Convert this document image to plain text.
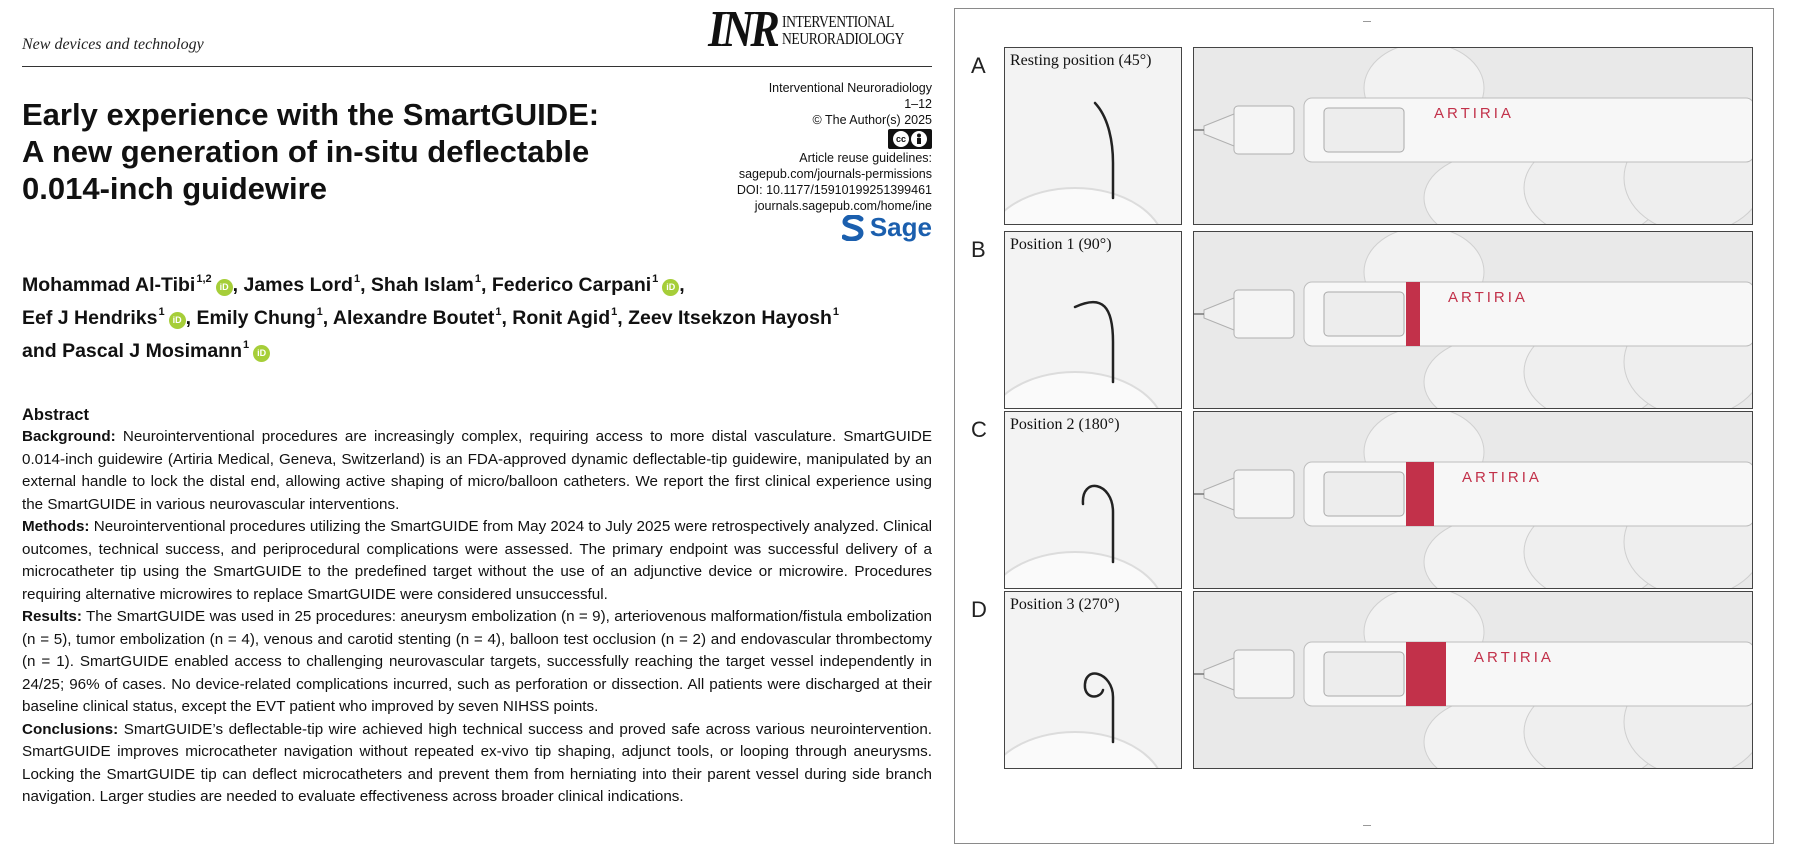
New devices and technology	INR INTERVENTIONAL
NEURORADIOLOGY
Early experience with the SmartGUIDE:
A new generation of in-situ deflectable
0.014-inch guidewire
Interventional Neuroradiology
1–12
© The Author(s) 2025
cc
Article reuse guidelines:
sagepub.com/journals-permissions
DOI: 10.1177/15910199251399461
journals.sagepub.com/home/ine
Sage
Mohammad Al-Tibi$^{1,2}$iD , James Lord$^1$, Shah Islam$^1$, Federico Carpani$^1$iD ,
Eef J Hendriks$^1$iD , Emily Chung$^1$, Alexandre Boutet$^1$, Ronit Agid$^1$, Zeev Itsekzon Hayosh$^1$
and Pascal J Mosimann$^1$iD
Abstract

Background: Neurointerventional procedures are increasingly complex, requiring access to more distal vasculature. SmartGUIDE 0.014-inch guidewire (Artiria Medical, Geneva, Switzerland) is an FDA-approved dynamic deflectable-tip guidewire, manipulated by an external handle to lock the distal end, allowing active shaping of micro/balloon catheters. We report the first clinical experience using the SmartGUIDE in various neurovascular interventions.

Methods: Neurointerventional procedures utilizing the SmartGUIDE from May 2024 to July 2025 were retrospectively analyzed. Clinical outcomes, technical success, and periprocedural complications were assessed. The primary endpoint was successful delivery of a microcatheter tip using the SmartGUIDE to the predefined target without the use of an adjunctive device or microwire. Procedures requiring alternative microwires to replace SmartGUIDE were considered unsuccessful.

Results: The SmartGUIDE was used in 25 procedures: aneurysm embolization (n = 9), arteriovenous malformation/fistula embolization (n = 5), tumor embolization (n = 4), venous and carotid stenting (n = 4), balloon test occlusion (n = 2) and endovascular thrombectomy (n = 1). SmartGUIDE enabled access to challenging neurovascular targets, successfully reaching the target vessel independently in 24/25; 96% of cases. No device-related complications incurred, such as perforation or dissection. All patients were discharged at their baseline clinical status, except the EVT patient who improved by seven NIHSS points.

Conclusions: SmartGUIDE’s deflectable-tip wire achieved high technical success and proved safe across various neurointervention. SmartGUIDE improves microcatheter navigation without repeated ex-vivo tip shaping, adjunct tools, or looping through aneurysms. Locking the SmartGUIDE tip can deflect microcatheters and prevent them from herniating into their parent vessel during side branch navigation. Larger studies are needed to evaluate effectiveness across broader clinical indications.

A Resting position (45°)
ARTIRIA
B Position 1 (90°)
ARTIRIA
C Position 2 (180°)
ARTIRIA
D Position 3 (270°)
ARTIRIA
